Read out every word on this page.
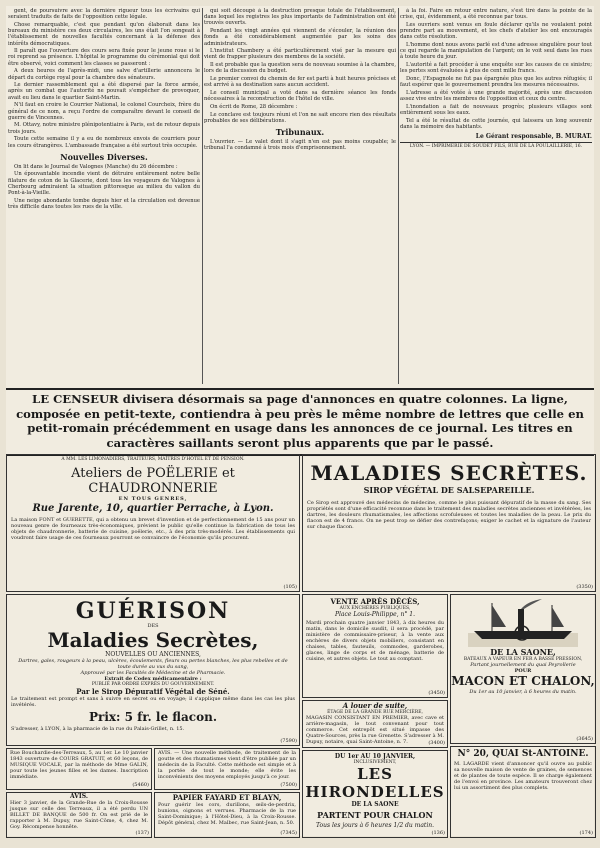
gent, de poursuivre avec la dernière rigueur tous les écrivains qui seraient traduits de faits de l'opposition cette légale.

Chose remarquable, c'est que pendant qu'on élaborait dans les bureaux du ministère ces deux circulaires, les uns était l'on songeait à l'établissement de nouvelles facultés concernant à la défense des intérêts démocratiques.

Il paraît que l'ouverture des cours sera fixée pour le jeune roue si le roi reprend sa présence. L'hôpital le programme du cérémonial qui doit être observé, voici comment les classes se passeront :

A deux heures de l'après-midi, une salve d'artillerie annoncera le départ du cortège royal pour la chambre des sénateurs.

Le dernier rassemblement qui a été dispersé par la force armée, après un combat que l'autorité ne pouvait s'empêcher de provoquer, avait eu lieu dans le quartier Saint-Martin.

N'il faut en croire le Courrier National, le colonel Courcheix, frère du général de ce nom, a reçu l'ordre de comparaître devant le conseil de guerre de Vincennes.

M. Ottavy, notre ministre plénipotentiaire à Paris, est de retour depuis trois jours.

Toute cette semaine il y a eu de nombreux envois de courriers pour les cours étrangères. L'ambassade française a été surtout très occupée.

Nouvelles Diverses.

On lit dans le Journal de Valognes (Manche) du 26 décembre :

Un épouvantable incendie vient de détruire entièrement notre belle filature de coton de la Glacerie, dont tous les voyageurs de Valognes à Cherbourg admiraient la situation pittoresque au milieu du vallon du Pont-à-la-Vieille.

Une neige abondante tombe depuis hier et la circulation est devenue très difficile dans toutes les rues de la ville.

qui soit découpé à la destruction presque totale de l'établissement, dans lequel les registres les plus importants de l'administration ont été trouvés ouverts.

Pendant les vingt années qui viennent de s'écouler, la réunion des fonds a été considérablement augmentée par les soins des administrateurs.

L'institut Chambery a été particulièrement visé par la mesure qui vient de frapper plusieurs des membres de la société.

Il est probable que la question sera de nouveau soumise à la chambre, lors de la discussion du budget.

Le premier convoi du chemin de fer est parti à huit heures précises et est arrivé à sa destination sans aucun accident.

Le conseil municipal a voté dans sa dernière séance les fonds nécessaires à la reconstruction de l'hôtel de ville.

On écrit de Rome, 28 décembre :

Le conclave est toujours réuni et l'on ne sait encore rien des résultats probables de ses délibérations.

Tribunaux.

L'ouvrier. — Le valet dont il s'agit n'en est pas moins coupable; le tribunal l'a condamné à trois mois d'emprisonnement.

à la foi. Faire en retour entre nature, s'est tiré dans la pointe de la crise, qui, évidemment, a été reconnue par tous.

Les ouvriers sont venus en foule déclarer qu'ils ne voulaient point prendre part au mouvement, et les chefs d'atelier les ont encouragés dans cette résolution.

L'homme dont nous avons parlé est d'une adresse singulière pour tout ce qui regarde la manipulation de l'argent; on le voit seul dans les rues à toute heure du jour.

L'autorité a fait procéder à une enquête sur les causes de ce sinistre; les pertes sont évaluées à plus de cent mille francs.

Donc, l'Espagnole ne fut pas épargnée plus que les autres réfugiés; il faut espérer que le gouvernement prendra les mesures nécessaires.

L'adresse a été votée à une grande majorité, après une discussion assez vive entre les membres de l'opposition et ceux du centre.

L'inondation a fait de nouveaux progrès; plusieurs villages sont entièrement sous les eaux.

Tel a été le résultat de cette journée, qui laissera un long souvenir dans la mémoire des habitants.

Le Gérant responsable, B. MURAT.
LYON. — IMPRIMERIE DE SOUDET FILS, RUE DE LA POULAILLERIE, 16.
LE CENSEUR divisera désormais sa page d'annonces en quatre colonnes. La ligne, composée en petit-texte, contiendra à peu près le même nombre de lettres que celle en petit-romain précédemment en usage dans les annonces de ce journal. Les titres en caractères saillants seront plus apparents que par le passé.
A MM. LES LIMONADIERS, TRAITEURS, MAÎTRES D'HÔTEL ET DE PENSION.
Ateliers de POËLERIE et CHAUDRONNERIE
EN TOUS GENRES,
Rue Jarente, 10, quartier Perrache, à Lyon.

La maison FONT et GUERETTE, qui a obtenu un brevet d'invention et de perfectionnement de 15 ans pour un nouveau genre de fourneaux très-économiques, prévient le public qu'elle continue la fabrication de tous les objets de chaudronnerie, batterie de cuisine, poëlerie, etc., à des prix très-modérés. Les établissements qui voudront faire usage de ces fourneaux pourront se convaincre de l'économie qu'ils procurent.

(105)
MALADIES SECRÈTES.
SIROP VÉGÉTAL DE SALSEPAREILLE.

Ce Sirop est approuvé des médecins de médecine, comme le plus puissant dépuratif de la masse du sang. Ses propriétés sont d'une efficacité reconnue dans le traitement des maladies secrètes anciennes et invétérées, les dartres, les douleurs rhumatismales, les affections scrofuleuses et toutes les maladies de la peau. Le prix du flacon est de 4 francs. On ne peut trop se défier des contrefaçons; exiger le cachet et la signature de l'auteur sur chaque flacon.

(3350)
GUÉRISON
DES
Maladies Secrètes,
NOUVELLES OU ANCIENNES,
Dartres, gales, rougeurs à la peau, ulcères, écoulements, fleurs ou pertes blanches, les plus rebelles et de toute durée au vus du sang,
Approuvé par les Facultés de Médecine et de Pharmacie.
Extrait de Codex médicamentaire :
PUBLIÉ PAR ORDRE EXPRÈS DU GOUVERNEMENT.
Par le Sirop Dépuratif Végétal de Séné.

Le traitement est prompt et sans à suivre en secret ou en voyage; il s'applique même dans les cas les plus invétérés.

Prix: 5 fr. le flacon.

S'adresser, à LYON, à la pharmacie de la rue du Palais-Grillet, n. 15.

(7590)

Rue Bouchardie-des-Terreaux, 5, au 1er. Le 10 janvier 1843 ouverture de COURS GRATUIT, et 60 leçons, de MUSIQUE VOCALE, par la méthode de Mme GALIN, pour toute les jeunes filles et les dames. Inscription immédiate.

(5460)

AVIS. — Une nouvelle méthode, de traitement de la goutte et des rhumatismes vient d'être publiée par un médecin de la Faculté. Cette méthode est simple et à la portée de tout le monde; elle évite les inconvénients des moyens employés jusqu'à ce jour.

(7500)
AVIS.

Hier 3 janvier, de la Grande-Rue de la Croix-Rousse jusque sur celle des Terreaux, il a été perdu UN BILLET DE BANQUE de 500 fr. On est prié de le rapporter à M. Dupuy, rue Saint-Côme, 4, chez M. Goy. Récompense honnête.

(137)
PAPIER FAYARD ET BLAYN,

Pour guérir les cors, durillons, œils-de-perdrix, bunions, oignons et verrues. Pharmacie de la rue Saint-Dominique; à l'Hôtel-Dieu, à la Croix-Rousse. Dépôt général, chez M. Malbec, rue Saint-Jean, n. 50.

(7345)
VENTE APRÈS DÉCÈS,
AUX ENCHÈRES PUBLIQUES,
Place Louis-Philippe, n° 1.

Mardi prochain quatre janvier 1843, à dix heures du matin, dans le domicile susdit, il sera procédé, par ministère de commissaire-priseur, à la vente aux enchères de divers objets mobiliers, consistant en chaises, tables, fauteuils, commodes, garderobes, glaces, linge de corps et de ménage, batterie de cuisine, et autres objets. Le tout au comptant.

(3450)
A louer de suite,
ÉTAGE DE LA GRANDE RUE MERCIÈRE,

MAGASIN CONSISTANT EN PREMIER, avec cave et arrière-magasin, le tout convenant pour tout commerce. Cet entrepôt est situé impasse des Quatre-Sources, près la rue Grenette. S'adresser à M. Dupuy, notaire, quai Saint-Antoine, n. 7.	(3400)
DU 1er AU 10 JANVIER,
INCLUSIVEMENT,
LES HIRONDELLES
DE LA SAONE
PARTENT POUR CHALON
Tous les jours à 6 heures 1/2 du matin.
(136)
DE LA SAONE,
BATEAUX A VAPEUR EN FER A BASSE PRESSION,
Partant journellement du quai Peyrollerie
POUR
MACON ET CHALON,
Du 1er au 10 janvier, à 6 heures du matin.
(3645)
N° 20, QUAI St-ANTOINE.

M. LAGARDE vient d'annoncer qu'il ouvre au public sa nouvelle maison de vente de graines, de semences et de plantes de toute espèce. Il se charge également de l'envoi en province. Les amateurs trouveront chez lui un assortiment des plus complets.

(174)
